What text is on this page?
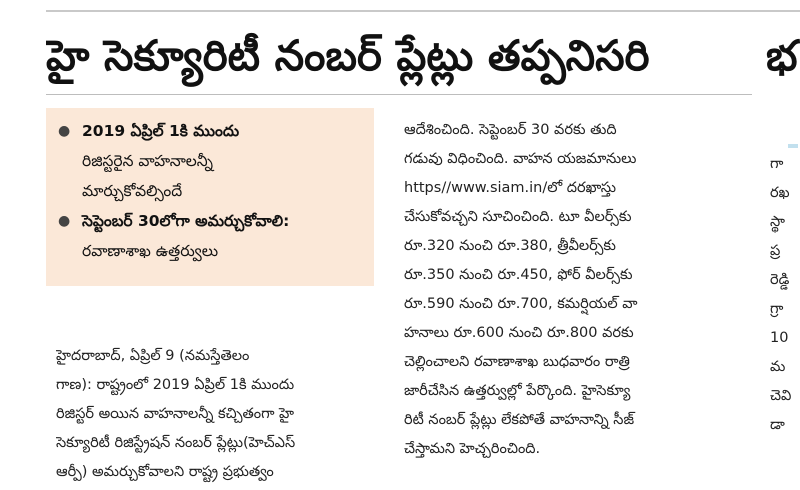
హై సెక్యూరిటీ నంబర్ ప్లేట్లు తప్పనిసరి	భ
● 2019 ఏప్రిల్ 1కి ముందు
రిజిస్టరైన వాహనాలన్నీ
మార్చుకోవల్సిందే
● సెప్టెంబర్ 30లోగా అమర్చుకోవాలి:
రవాణాశాఖ ఉత్తర్వులు
హైదరాబాద్, ఏప్రిల్ 9 (నమస్తేతెలం
గాణ): రాష్ట్రంలో 2019 ఏప్రిల్ 1కి ముందు
రిజిస్టర్ అయిన వాహనాలన్నీ కచ్చితంగా హై
సెక్యూరిటీ రిజిస్ట్రేషన్ నంబర్ ప్లేట్లు(హెచ్‌ఎస్
ఆర్పీ) అమర్చుకోవాలని రాష్ట్ర ప్రభుత్వం
ఆదేశించింది. సెప్టెంబర్ 30 వరకు తుది
గడువు విధించింది. వాహన యజమానులు
https//www.siam.in/లో దరఖాస్తు
చేసుకోవచ్చని సూచించింది. టూ వీలర్స్‌కు
రూ.320 నుంచి రూ.380, త్రీవీలర్స్‌కు
రూ.350 నుంచి రూ.450, ఫోర్ వీలర్స్‌కు
రూ.590 నుంచి రూ.700, కమర్షియల్ వా
హనాలు రూ.600 నుంచి రూ.800 వరకు
చెల్లించాలని రవాణాశాఖ బుధవారం రాత్రి
జారీచేసిన ఉత్తర్వుల్లో పేర్కొంది. హైసెక్యూ
రిటీ నంబర్ ప్లేట్లు లేకపోతే వాహనాన్ని సీజ్
చేస్తామని హెచ్చరించింది.
గా
రఖ
స్థా
ప్ర
రెడ్డి
గ్రా
10
మ
చెవి
డా
